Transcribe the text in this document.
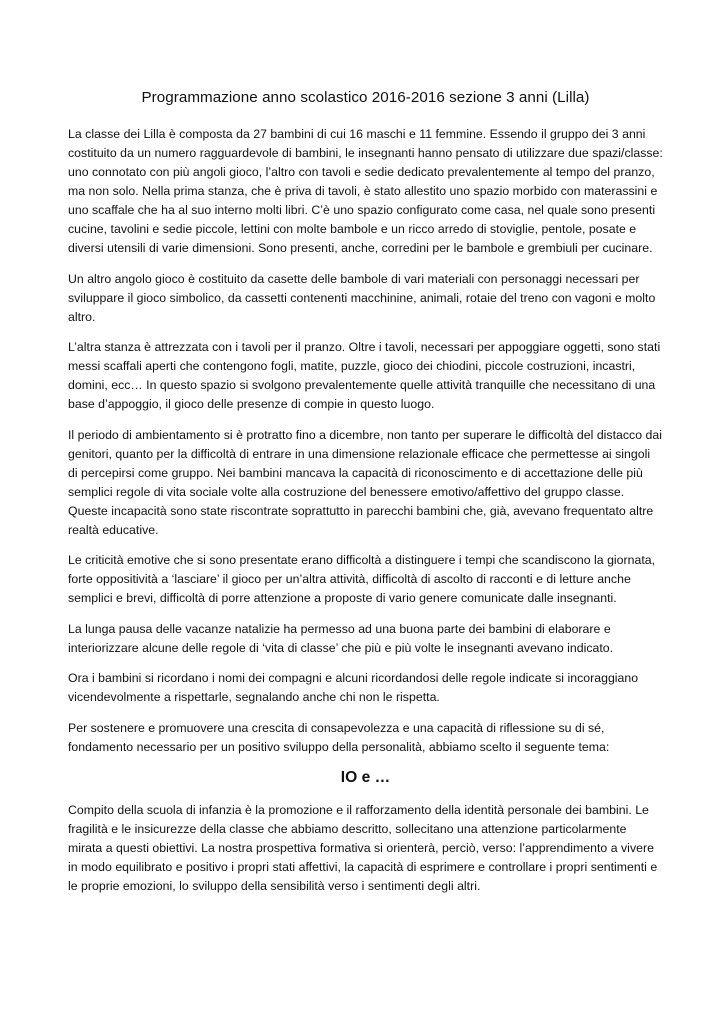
Programmazione anno scolastico 2016-2016 sezione 3 anni (Lilla)

La classe dei Lilla è composta da 27 bambini di cui 16 maschi e 11 femmine. Essendo il gruppo dei 3 anni costituito da un numero ragguardevole di bambini, le insegnanti hanno pensato di utilizzare due spazi/classe: uno connotato con più angoli gioco, l’altro con tavoli e sedie dedicato prevalentemente al tempo del pranzo, ma non solo. Nella prima stanza, che è priva di tavoli, è stato allestito uno spazio morbido con materassini e uno scaffale che ha al suo interno molti libri. C’è uno spazio configurato come casa, nel quale sono presenti cucine, tavolini e sedie piccole, lettini con molte bambole e un ricco arredo di stoviglie, pentole, posate e diversi utensili di varie dimensioni. Sono presenti, anche, corredini per le bambole e grembiuli per cucinare.

Un altro angolo gioco è costituito da casette delle bambole di vari materiali con personaggi necessari per sviluppare il gioco simbolico, da cassetti contenenti macchinine, animali, rotaie del treno con vagoni e molto altro.

L’altra stanza è attrezzata con i tavoli per il pranzo. Oltre i tavoli, necessari per appoggiare oggetti, sono stati messi scaffali aperti che contengono fogli, matite, puzzle, gioco dei chiodini, piccole costruzioni, incastri, domini, ecc… In questo spazio si svolgono prevalentemente quelle attività tranquille che necessitano di una base d’appoggio, il gioco delle presenze di compie in questo luogo.

Il periodo di ambientamento si è protratto fino a dicembre, non tanto per superare le difficoltà del distacco dai genitori, quanto per la difficoltà di entrare in una dimensione relazionale efficace che permettesse ai singoli di percepirsi come gruppo. Nei bambini mancava la capacità di riconoscimento e di accettazione delle più semplici regole di vita sociale volte alla costruzione del benessere emotivo/affettivo del gruppo classe. Queste incapacità sono state riscontrate soprattutto in parecchi bambini che, già, avevano frequentato altre realtà educative.

Le criticità emotive che si sono presentate erano difficoltà a distinguere i tempi che scandiscono la giornata, forte oppositività a ‘lasciare’ il gioco per un’altra attività, difficoltà di ascolto di racconti e di letture anche semplici e brevi, difficoltà di porre attenzione a proposte di vario genere comunicate dalle insegnanti.

La lunga pausa delle vacanze natalizie ha permesso ad una buona parte dei bambini di elaborare e interiorizzare alcune delle regole di ‘vita di classe’ che più e più volte le insegnanti avevano indicato.

Ora i bambini si ricordano i nomi dei compagni e alcuni ricordandosi delle regole indicate si incoraggiano vicendevolmente a rispettarle, segnalando anche chi non le rispetta.

Per sostenere e promuovere una crescita di consapevolezza e una capacità di riflessione su di sé, fondamento necessario per un positivo sviluppo della personalità, abbiamo scelto il seguente tema:

IO e …

Compito della scuola di infanzia è la promozione e il rafforzamento della identità personale dei bambini. Le fragilità e le insicurezze della classe che abbiamo descritto, sollecitano una attenzione particolarmente mirata a questi obiettivi. La nostra prospettiva formativa si orienterà, perciò, verso: l’apprendimento a vivere in modo equilibrato e positivo i propri stati affettivi, la capacità di esprimere e controllare i propri sentimenti e le proprie emozioni, lo sviluppo della sensibilità verso i sentimenti degli altri.
